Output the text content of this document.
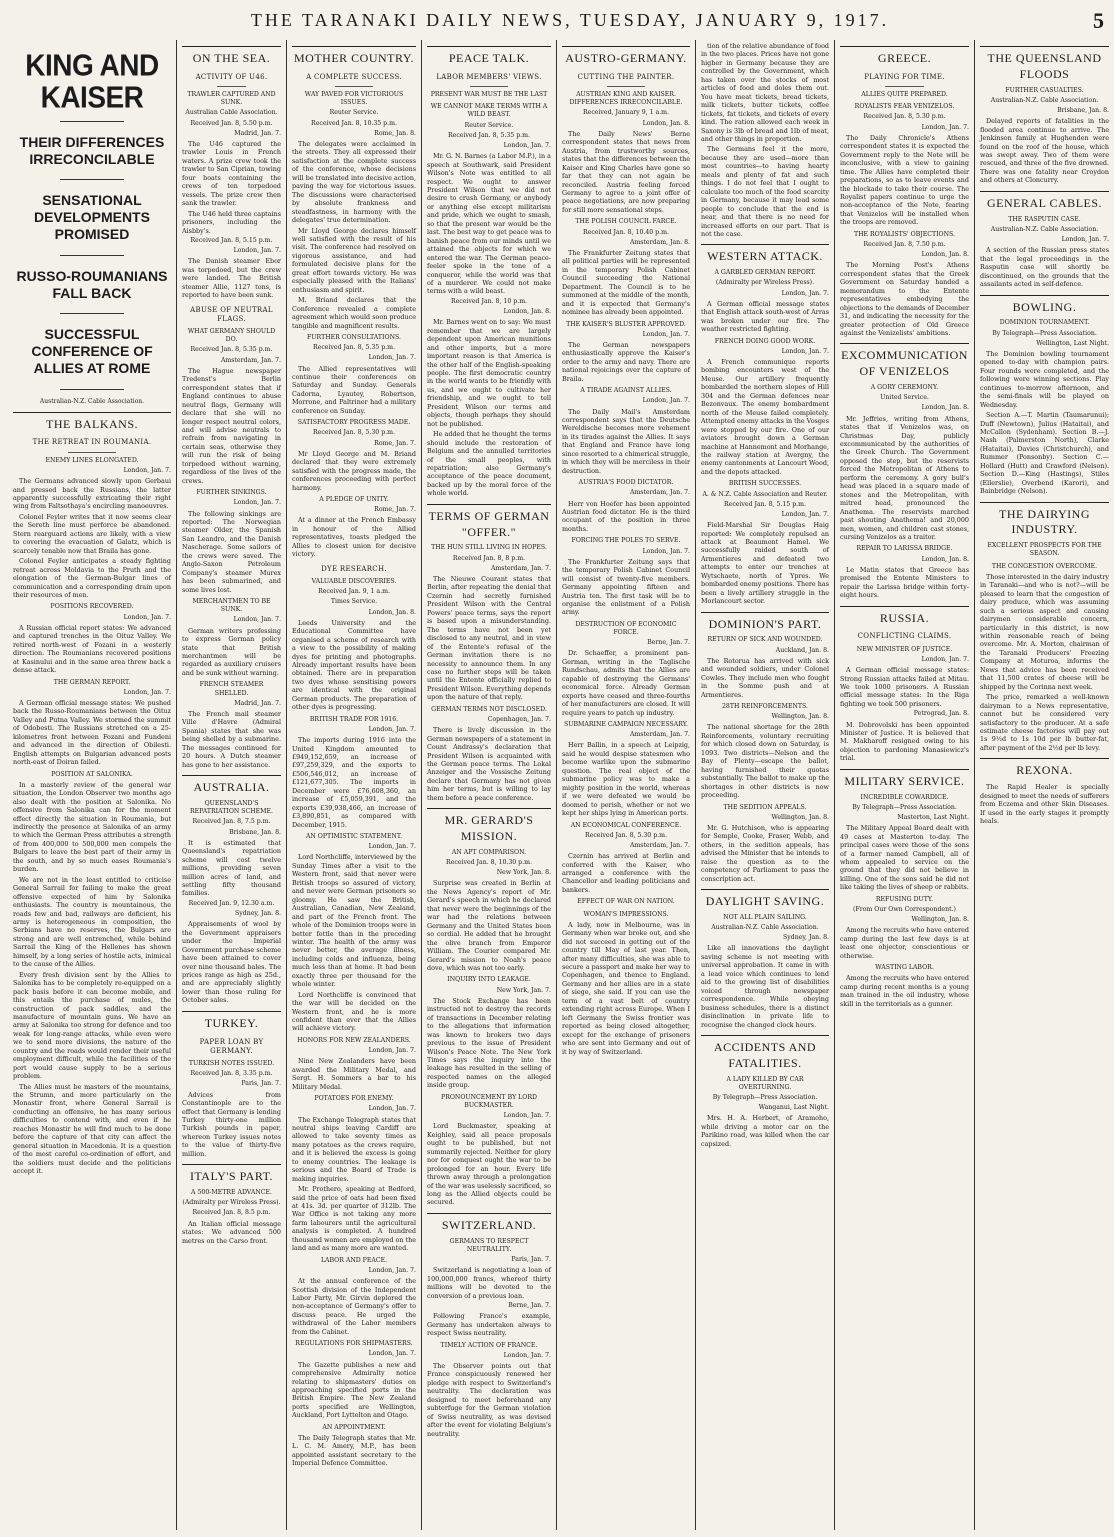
THE TARANAKI DAILY NEWS, TUESDAY, JANUARY 9, 1917.	5
KING AND KAISER
THEIR DIFFERENCES IRRECONCILABLE
SENSATIONAL DEVELOPMENTS PROMISED
RUSSO-ROUMANIANS FALL BACK
SUCCESSFUL CONFERENCE OF ALLIES AT ROME
Australian-N.Z. Cable Association.
THE BALKANS.
THE RETREAT IN ROUMANIA.
ENEMY LINES ELONGATED.
London, Jan. 7.

The Germans advanced slowly upon Gerbaui and pressed back the Russians, the latter apparently successfully extricating their right wing from Faltsothaya's encircling manoeuvres.

Colonel Feyler writes that it now seems clear the Sereth line must perforce be abandoned. Stern rearguard actions are likely, with a view to covering the evacuation of Galatz, which is scarcely tenable now that Braila has gone.

Colonel Feyler anticipates a steady fighting retreat across Moldavia to the Pruth and the elongation of the German-Bulgar lines of communication and a corresponding drain upon their resources of men.

POSITIONS RECOVERED.
London, Jan. 7.

A Russian official report states: We advanced and captured trenches in the Oituz Valley. We retired north-west of Fozani in a westerly direction. The Roumanians recovered positions at Kasinului and in the same area threw back a dense attack.

THE GERMAN REPORT.
London, Jan. 7.

A German official message states: We pushed back the Russo-Roumanians between the Oituz Valley and Putna Valley. We stormed the summit of Odobesti. The Russians stretched on a 25-kilometres front between Fozani and Fundeni and advanced in the direction of Obilesti. English attempts on Bulgarian advanced posts north-east of Doiran failed.

POSITION AT SALONIKA.

In a masterly review of the general war situation, the London Observer two months ago also dealt with the position at Salonika. No offensive from Salonika can for the moment effect directly the situation in Roumania, but indirectly the presence at Salonika of an army to which the German Press attributes a strength of from 400,000 to 500,000 men compels the Bulgars to leave the best part of their army in the south, and by so much eases Roumania's burden.

We are not in the least entitled to criticise General Sarrail for failing to make the great offensive expected of him by Salonika enthusiasts. The country is mountainous, the roads few and bad, railways are deficient, his army is heterogeneous in composition, the Serbians have no reserves, the Bulgars are strong and are well entrenched, while behind Sarrail the King of the Hellenes has shown himself, by a long series of hostile acts, inimical to the cause of the Allies.

Every fresh division sent by the Allies to Salonika has to be completely re-equipped on a pack basis before it can become mobile, and this entails the purchase of mules, the construction of pack saddles, and the manufacture of mountain guns. We have an army at Salonika too strong for defence and too weak for long-range attacks, while even were we to send more divisions, the nature of the country and the roads would render their useful employment difficult, while the facilities of the port would cause supply to be a serious problem.

The Allies must be masters of the mountains, the Strumn, and more particularly on the Monastir front, where General Sarrail is conducting an offensive, he has many serious difficulties to contend with, and even if he reaches Monastir he will find much to be done before the capture of that city can affect the general situation in Macedonia. It is a question of the most careful co-ordination of effort, and the soldiers must decide and the politicians accept it.

ON THE SEA.
ACTIVITY OF U46.
TRAWLER CAPTURED AND SUNK.
Australian Cable Association.
Received Jan. 8, 5.50 p.m.
Madrid, Jan. 7.

The U46 captured the trawler Louis in French waters. A prize crew took the trawler to San Ciprian, towing four boats containing the crews of ten torpedoed vessels. The prize crew then sank the trawler.

The U46 held three captains prisoners, including the Aisbby's.

Received Jan. 8, 5.15 p.m.
London, Jan. 7.

The Danish steamer Ebor was torpedoed, but the crew were landed. The British steamer Allie, 1127 tons, is reported to have been sunk.

ABUSE OF NEUTRAL FLAGS.
WHAT GERMANY SHOULD DO.
Received Jan. 8, 5.35 p.m.
Amsterdam, Jan. 7.

The Hague newspaper Tredenst's Berlin correspondent states that if England continues to abuse neutral flags, Germany will declare that she will no longer respect neutral colors, and will advise neutrals to refrain from navigating in certain seas, otherwise they will run the risk of being torpedoed without warning, regardless of the lives of the crews.

FURTHER SINKINGS.
London, Jan. 7.

The following sinkings are reported: The Norwegian steamer Older, the Spanish San Leandro, and the Danish Nascherage. Some sailors of the crews were saved. The Anglo-Saxon Petroleum Company's steamer Murex has been submarined, and some lives lost.

MERCHANTMEN TO BE SUNK.
London, Jan. 7.

German writers professing to express German policy state that British merchantmen will be regarded as auxiliary cruisers and be sunk without warning.

FRENCH STEAMER SHELLED.
Madrid, Jan. 7.

The French mail steamer Ville d'Havre (Admiral Spania) states that she was being shelled by a submarine. The messages continued for 20 hours. A Dutch steamer has gone to her assistance.

AUSTRALIA.
QUEENSLAND'S REPATRIATION SCHEME.
Received Jan. 8, 7.5 p.m.
Brisbane, Jan. 8.

It is estimated that Queensland's repatriation scheme will cost twelve millions, providing seven million acres of land, and settling fifty thousand families.

Received Jan. 9, 12.30 a.m.
Sydney, Jan. 8.

Appraisements of wool by the Government appraisers under the Imperial Government purchase scheme have been attained to cover over nine thousand bales. The prices range as high as 25d., and are appreciably slightly lower than those ruling for October sales.

TURKEY.
PAPER LOAN BY GERMANY.
TURKISH NOTES ISSUED.
Received Jan. 8, 3.35 p.m.
Paris, Jan. 7.

Advices from Constantinople are to the effect that Germany is lending Turkey thirty-one million Turkish pounds in paper, whereon Turkey issues notes to the value of thirty-five million.

ITALY'S PART.
A 500-METRE ADVANCE.
(Admiralty per Wireless Press).
Received Jan. 8, 8.5 p.m.

An Italian official message states: We advanced 500 metres on the Carso front.

MOTHER COUNTRY.
A COMPLETE SUCCESS.
WAY PAVED FOR VICTORIOUS ISSUES.
Reuter Service.
Received Jan. 8, 10.35 p.m.
Rome, Jan. 8.

The delegates were acclaimed in the streets. They all expressed their satisfaction at the complete success of the conference, whose decisions will be translated into decisive action, paving the way for victorious issues. The discussions were characterised by absolute frankness and steadfastness, in harmony with the delegates' true determination.

Mr Lloyd George declares himself well satisfied with the result of his visit. The conference had resolved on vigorous assistance, and had formulated decisive plans for the great effort towards victory. He was especially pleased with the Italians' enthusiasm and spirit.

M. Briand declares that the Conference revealed a complete agreement which would soon produce tangible and magnificent results.

FURTHER CONSULTATIONS.
Received Jan. 8, 5.35 p.m.
London, Jan. 7.

The Allied representatives will continue their conferences on Saturday and Sunday. Generals Cadorna, Lyautey, Robertson, Morrone, and Paltriner had a military conference on Sunday.

SATISFACTORY PROGRESS MADE.
Received Jan. 8, 5.30 p.m.
Rome, Jan. 7.

Mr Lloyd George and M. Briand declared that they were extremely satisfied with the progress made, the conferences proceeding with perfect harmony.

A PLEDGE OF UNITY.
Rome, Jan. 7.

At a dinner at the French Embassy in honour of the Allied representatives, toasts pledged the Allies to closest union for decisive victory.

DYE RESEARCH.
VALUABLE DISCOVERIES.
Received Jan. 9, 1 a.m.
Times Service.
London, Jan. 8.

Leeds University and the Educational Committee have organised a scheme of research with a view to the possibility of making dyes for printing and photographs. Already important results have been obtained. There are in preparation two dyes whose sensitising powers are identical with the original German products. The preparation of other dyes is progressing.

BRITISH TRADE FOR 1916.
London, Jan. 7.

The imports during 1916 into the United Kingdom amounted to £949,152,659, an increase of £97,259,329, and the exports to £506,546,012, an increase of £121,677,305. The imports in December were £76,608,360, an increase of £5,059,391, and the exports £39,938,466, an increase of £3,890,851, as compared with December, 1915.

AN OPTIMISTIC STATEMENT.
London, Jan. 7.

Lord Northcliffe, interviewed by the Sunday Times after a visit to the Western front, said that never were British troops so assured of victory, and never were German prisoners so gloomy. He saw the British, Australian, Canadian, New Zealand, and part of the French front. The whole of the Dominion troops were in better fettle than in the preceding winter. The health of the army was never better, the average illness, including colds and influenza, being much less than at home. It had been exactly three per thousand for the whole winter.

Lord Northcliffe is convinced that the war will be decided on the Western front, and he is more confident than ever that the Allies will achieve victory.

HONORS FOR NEW ZEALANDERS.
London, Jan. 7.

Nine New Zealanders have been awarded the Military Medal, and Sergt. H. Sommers a bar to his Military Medal.

POTATOES FOR ENEMY.
London, Jan. 7.

The Exchange Telegraph states that neutral ships leaving Cardiff are allowed to take seventy times as many potatoes as the crews require, and it is believed the excess is going to enemy countries. The leakage is serious and the Board of Trade is making inquiries.

Mr. Prothero, speaking at Bedford, said the price of oats had been fixed at 41s. 3d. per quarter of 312lb. The War Office is not taking any more farm labourers until the agricultural analysis is completed. A hundred thousand women are employed on the land and as many more are wanted.

LABOR AND PEACE.
London, Jan. 7.

At the annual conference of the Scottish division of the Independent Labor Party, Mr. Girvin deplored the non-acceptance of Germany's offer to discuss peace. He urged the withdrawal of the Labor members from the Cabinet.

REGULATIONS FOR SHIPMASTERS.
London, Jan. 7.

The Gazette publishes a new and comprehensive Admiralty notice relating to shipmasters' duties on approaching specified ports in the British Empire. The New Zealand ports specified are Wellington, Auckland, Port Lyttelton and Otago.

AN APPOINTMENT.

The Daily Telegraph states that Mr. L. C. M. Amery, M.P., has been appointed assistant secretary to the Imperial Defence Committee.

PEACE TALK.
LABOR MEMBERS' VIEWS.
PRESENT WAR MUST BE THE LAST
WE CANNOT MAKE TERMS WITH A WILD BEAST.
Reuter Service.
Received Jan. 8, 5.35 p.m.
London, Jan. 7.

Mr. G. N. Barnes (a Labor M.P.), in a speech at Southwark, said President Wilson's Note was entitled to all respect. We ought to answer President Wilson that we did not desire to crush Germany, or anybody or anything else except militarism and pride, which we ought to smash, so that the present war would be the last. The best way to get peace was to banish peace from our minds until we attained the objects for which we entered the war. The German peace-feeler spoke in the tone of a conqueror, while the world was that of a murderer. We could not make terms with a wild beast.

Received Jan. 8, 10 p.m.
London, Jan. 8.

Mr. Barnes went on to say: We must remember that we are largely dependent upon American munitions and other imports, but a more important reason is that America is the other half of the English-speaking people. The first democratic country in the world wants to be friendly with us, and we ought to cultivate her friendship, and we ought to tell President Wilson our terms and objects, though perhaps they should not be published.

He added that he thought the terms should include the restoration of Belgium and the annulled territories of the small peoples, with repatriation; also Germany's acceptance of the peace document, backed up by the moral force of the whole world.

TERMS OF GERMAN "OFFER."
THE HUN STILL LIVING IN HOPES.
Received Jan. 8, 8 p.m.
Amsterdam, Jan. 7.

The Nieuwe Courant states that Berlin, after repeating the denial that Czernin had secretly furnished President Wilson with the Central Powers' peace terms, says the report is based upon a misunderstanding. The terms have not been yet disclosed to any neutral, and in view of the Entente's refusal of the German invitation there is no necessity to announce them. In any case no further steps will be taken until the Entente officially replied to President Wilson. Everything depends upon the nature of that reply.

GERMAN TERMS NOT DISCLOSED.
Copenhagen, Jan. 7.

There is lively discussion in the German newspapers of a statement in Count Andrassy's declaration that President Wilson is acquainted with the German peace terms. The Lokal Anzeiger and the Vossische Zeitung declare that Germany has not given him her terms, but is willing to lay them before a peace conference.

MR. GERARD'S MISSION.
AN APT COMPARISON.
Received Jan. 8, 10.30 p.m.
New York, Jan. 8.

Surprise was created in Berlin at the News Agency's report of Mr. Gerard's speech in which he declared that never were the beginnings of the war had the relations between Germany and the United States been so cordial. He added that he brought the olive branch from Emperor William. The Courier compared Mr. Gerard's mission to Noah's peace dove, which was not too early.

INQUIRY INTO LEAKAGE.
New York, Jan. 7.

The Stock Exchange has been instructed not to destroy the records of transactions in December relating to the allegations that information was known to brokers two days previous to the issue of President Wilson's Peace Note. The New York Times says the inquiry into the leakage has resulted in the selling of respected names on the alleged inside group.

PRONOUNCEMENT BY LORD BUCKMASTER.
London, Jan. 7.

Lord Buckmaster, speaking at Keighley, said all peace proposals ought to be published, but not summarily rejected. Neither for glory nor for conquest ought the war to be prolonged for an hour. Every life thrown away through a prolongation of the war was uselessly sacrificed, so long as the Allied objects could be secured.

SWITZERLAND.
GERMANS TO RESPECT NEUTRALITY.
Paris, Jan. 7.

Switzerland is negotiating a loan of 100,000,000 francs, whereof thirty millions will be devoted to the conversion of a previous loan.

Berne, Jan. 7.

Following France's example, Germany has undertaken always to respect Swiss neutrality.

TIMELY ACTION OF FRANCE.
London, Jan. 7.

The Observer points out that France conspicuously renewed her pledge with respect to Switzerland's neutrality. The declaration was designed to meet beforehand any subterfuge for the German violation of Swiss neutrality, as was devised after the event for violating Belgium's neutrality.

AUSTRO-GERMANY.
CUTTING THE PAINTER.
AUSTRIAN KING AND KAISER. DIFFERENCES IRRECONCILABLE.
Received, January 9, 1 a.m.
London, Jan. 8.

The Daily News' Berne correspondent states that news from Austria, from trustworthy sources, states that the differences between the Kaiser and King Charles have gone so far that they can not again be reconciled. Austria feeling forced Germany to agree to a joint offer of peace negotiations, are now preparing for still more sensational steps.

THE POLISH COUNCIL FARCE.
Received Jan. 8, 10.40 p.m.
Amsterdam, Jan. 8.

The Frankfurter Zeitung states that all political parties will be represented in the temporary Polish Cabinet Council succeeding the National Department. The Council is to be summoned at the middle of the month, and it is expected that Germany's nominee has already been appointed.

THE KAISER'S BLUSTER APPROVED.
London, Jan. 7.

The German newspapers enthusiastically approve the Kaiser's order to the army and navy. There are national rejoicings over the capture of Braila.

A TIRADE AGAINST ALLIES.
London, Jan. 7.

The Daily Mail's Amsterdam correspondent says that the Deutsche Wereldische becomes more vehement in its tirades against the Allies. It says that England and France have long since resorted to a chimerical struggle, in which they will be merciless in their destruction.

AUSTRIA'S FOOD DICTATOR.
Amsterdam, Jan. 7.

Herr von Hoefer has been appointed Austrian food dictator. He is the third occupant of the position in three months.

FORCING THE POLES TO SERVE.
London, Jan. 7.

The Frankfurter Zeitung says that the temporary Polish Cabinet Council will consist of twenty-five members. Germany appointing fifteen and Austria ten. The first task will be to organise the enlistment of a Polish army.

DESTRUCTION OF ECONOMIC FORCE.
Berne, Jan. 7.

Dr. Schaeffer, a prominent pan-German, writing in the Taglische Rundschau, admits that the Allies are capable of destroying the Germans' economical force. Already German exports have ceased and three-fourths of her manufacturers are closed. It will require years to patch up industry.

SUBMARINE CAMPAIGN NECESSARY.
Amsterdam, Jan. 7.

Herr Ballin, in a speech at Leipzig, said he would despise statesmen who become warlike upon the submarine question. The real object of the submarine policy was to make a mighty position in the world, whereas if we were defeated we would be doomed to perish, whether or not we kept her ships lying in American ports.

AN ECONOMICAL CONFERENCE.
Received Jan. 8, 5.30 p.m.
Amsterdam, Jan. 7.

Czernin has arrived at Berlin and conferred with the Kaiser, who arranged a conference with the Chancellor and leading politicians and bankers.

EFFECT OF WAR ON NATION.
WOMAN'S IMPRESSIONS.

A lady, now in Melbourne, was in Germany when war broke out, and she did not succeed in getting out of the country till May of last year. Then, after many difficulties, she was able to secure a passport and make her way to Copenhagen, and thence to England. Germany and her allies are in a state of siege, she said. If you can use the term of a vast belt of country extending right across Europe. When I left Germany the Swiss frontier was reported as being closed altogether, except for the exchange of prisoners who are sent into Germany and out of it by way of Switzerland.

tion of the relative abundance of food in the two places. Prices have not gone higher in Germany because they are controlled by the Government, which has taken over the stocks of most articles of food and doles them out. You have meat tickets, bread tickets, milk tickets, butter tickets, coffee tickets, fat tickets, and tickets of every kind. The ration allowed each week in Saxony is 3lb of bread and 1lb of meat, and other things in proportion.

The Germans feel it the more, because they are used—more than most countries—to having hearty meals and plenty of fat and such things. I do not feel that I ought to calculate too much of the food scarcity in Germany, because it may lead some people to conclude that the end is near, and that there is no need for increased efforts on our part. That is not the case.

WESTERN ATTACK.
A GARBLED GERMAN REPORT.
(Admiralty per Wireless Press).
London, Jan. 7.

A German official message states that English attack south-west of Arras was broken under our fire. The weather restricted fighting.

FRENCH DOING GOOD WORK.
London, Jan. 7.

A French communique reports bombing encounters west of the Meuse. Our artillery frequently bombarded the northern slopes of Hill 304 and the German defences near Bezonvaux. The enemy bombardment north of the Meuse failed completely. Attempted enemy attacks in the Vosges were stopped by our fire. One of our aviators brought down a German machine at Hannemont and Morhange, the railway station at Avergny, the enemy cantonments at Lancourt Wood, and the depots attacked.

BRITISH SUCCESSES.
A. & N.Z. Cable Association and Reuter.
Received Jan. 8, 5.15 p.m.
London, Jan. 7.

Field-Marshal Sir Douglas Haig reported: We completely repulsed an attack at Beaumont Hamel. We successfully raided south of Armentieres and defeated two attempts to enter our trenches at Wytschaete, north of Ypres. We bombarded enemy positions. There has been a lively artillery struggle in the Morlancourt sector.

DOMINION'S PART.
RETURN OF SICK AND WOUNDED.
Auckland, Jan. 8.

The Rotorua has arrived with sick and wounded soldiers, under Colonel Cowles. They include men who fought in the Somme push and at Armentieres.

28TH REINFORCEMENTS.
Wellington, Jan. 8.

The national shortage for the 28th Reinforcements, voluntary recruiting for which closed down on Saturday, is 1093. Two districts—Nelson and the Bay of Plenty—escape the ballot, having furnished their quotas substantially. The ballot to make up the shortages in other districts is now proceeding.

THE SEDITION APPEALS.
Wellington, Jan. 8.

Mr. G. Hutchison, who is appearing for Semple, Cooke, Fraser, Webb, and others, in the sedition appeals, has advised the Minister that he intends to raise the question as to the competency of Parliament to pass the conscription act.

DAYLIGHT SAVING.
NOT ALL PLAIN SAILING.
Australian-N.Z. Cable Association.
Sydney, Jan. 8.

Like all innovations the daylight saving scheme is not meeting with universal approbation. It came in with a lead voice which continues to lend aid to the growing list of disabilities voiced through newspaper correspondence. While obeying business schedules, there is a distinct disinclination in private life to recognise the changed clock hours.

ACCIDENTS AND FATALITIES.
A LADY KILLED BY CAR OVERTURNING.
By Telegraph—Press Association.
Wanganui, Last Night.

Mrs. H. A. Herbert, of Aramoho, while driving a motor car on the Parikino road, was killed when the car capsized.

GREECE.
PLAYING FOR TIME.
ALLIES QUITE PREPARED.
ROYALISTS FEAR VENIZELOS.
Received Jan. 8, 5.30 p.m.
London, Jan. 7.

The Daily Chronicle's Athens correspondent states it is expected the Government reply to the Note will be inconclusive, with a view to gaining time. The Allies have completed their preparations, so as to leave events and the blockade to take their course. The Royalist papers continue to urge the non-acceptance of the Note, fearing that Venizelos will be installed when the troops are removed.

THE ROYALISTS' OBJECTIONS.
Received Jan. 8, 7.50 p.m.
London, Jan. 8.

The Morning Post's Athens correspondent states that the Greek Government on Saturday handed a memorandum to the Entente representatives embodying the objections to the demands of December 31, and indicating the necessity for the greater protection of Old Greece against the Venizelists' ambitions.

EXCOMMUNICATION OF VENIZELOS
A GORY CEREMONY.
United Service.
London, Jan. 8.

Mr. Jeffries, writing from Athens, states that if Venizelos was, on Christmas Day, publicly excommunicated by the authorities of the Greek Church. The Government opposed the step, but the reservists forced the Metropolitan of Athens to perform the ceremony. A gory bull's head was placed in a square made of stones and the Metropolitan, with mitred head, pronounced the Anathema. The reservists marched past shouting Anathema! and 20,000 men, women, and children cast stones, cursing Venizelos as a traitor.

REPAIR TO LARISSA BRIDGE.
London, Jan. 8.

Le Matin states that Greece has promised the Entente Ministers to repair the Larissa bridge within forty-eight hours.

RUSSIA.
CONFLICTING CLAIMS.
NEW MINISTER OF JUSTICE.
London, Jan. 7.

A German official message states: Strong Russian attacks failed at Mitau. We took 1000 prisoners. A Russian official message states: In the Riga fighting we took 500 prisoners.

Petrograd, Jan. 8.

M. Dobrovolski has been appointed Minister of Justice. It is believed that M. Makharoff resigned owing to his objection to pardoning Manasiewicz's trial.

MILITARY SERVICE.
INCREDIBLE COWARDICE.
By Telegraph—Press Association.
Masterton, Last Night.

The Military Appeal Board dealt with 49 cases at Masterton to-day. The principal cases were those of the sons of a farmer named Campbell, all of whom appealed to service on the ground that they did not believe in killing. One of the sons said he did not like taking the lives of sheep or rabbits.

REFUSING DUTY.
(From Our Own Correspondent.)
Wellington, Jan. 8.

Among the recruits who have entered camp during the last few days is at least one objector, conscientious or otherwise.

WASTING LABOR.

Among the recruits who have entered camp during recent months is a young man trained in the oil industry, whose skill in the territorials as a gunner.

THE QUEENSLAND FLOODS
FURTHER CASUALTIES.
Australian-N.Z. Cable Association.
Brisbane, Jan. 8.

Delayed reports of fatalities in the flooded area continue to arrive. The Jenkinson family at Hughenden were found on the roof of the house, which was swept away. Two of them were rescued, and three of the five drowned. There was one fatality near Croydon and others at Cloncurry.

GENERAL CABLES.
THE RASPUTIN CASE.
Australian-N.Z. Cable Association.
London, Jan. 7.

A section of the Russian press states that the legal proceedings in the Rasputin case will shortly be discontinued, on the grounds that the assailants acted in self-defence.

BOWLING.
DOMINION TOURNAMENT.
By Telegraph—Press Association.
Wellington, Last Night.

The Dominion bowling tournament opened to-day with champion pairs. Four rounds were completed, and the following were winning sections. Play continues to-morrow afternoon, and the semi-finals will be played on Wednesday.

Section A.—T. Martin (Taumarunui); Duff (Newtown), Julius (Hataitai), and McCallon (Sydenham). Section B.—J. Nash (Palmerston North), Clarke (Hataitai), Davies (Christchurch), and Rummer (Ponsonby). Section C.—Hollard (Hutt) and Crawford (Nelson). Section D.—King (Hastings), Stiles (Ellerslie), Overbend (Karori), and Bainbridge (Nelson).

THE DAIRYING INDUSTRY.
EXCELLENT PROSPECTS FOR THE SEASON.
THE CONGESTION OVERCOME.

Those interested in the dairy industry in Taranaki—and who is not?—will be pleased to learn that the congestion of dairy produce, which was assuming such a serious aspect and causing dairymen considerable concern, particularly in this district, is now within reasonable reach of being overcome. Mr. A. Morton, chairman of the Taranaki Producers' Freezing Company at Moturoa, informs the News that advice has been received that 11,500 crates of cheese will be shipped by the Corinna next week.

The price, remarked a well-known dairyman to a News representative, cannot but be considered very satisfactory to the producer. At a safe estimate cheese factories will pay out 1s 9½d to 1s 10d per lb butter-fat, after payment of the 2½d per lb levy.

REXONA.

The Rapid Healer is specially designed to meet the needs of sufferers from Eczema and other Skin Diseases. If used in the early stages it promptly heals.
